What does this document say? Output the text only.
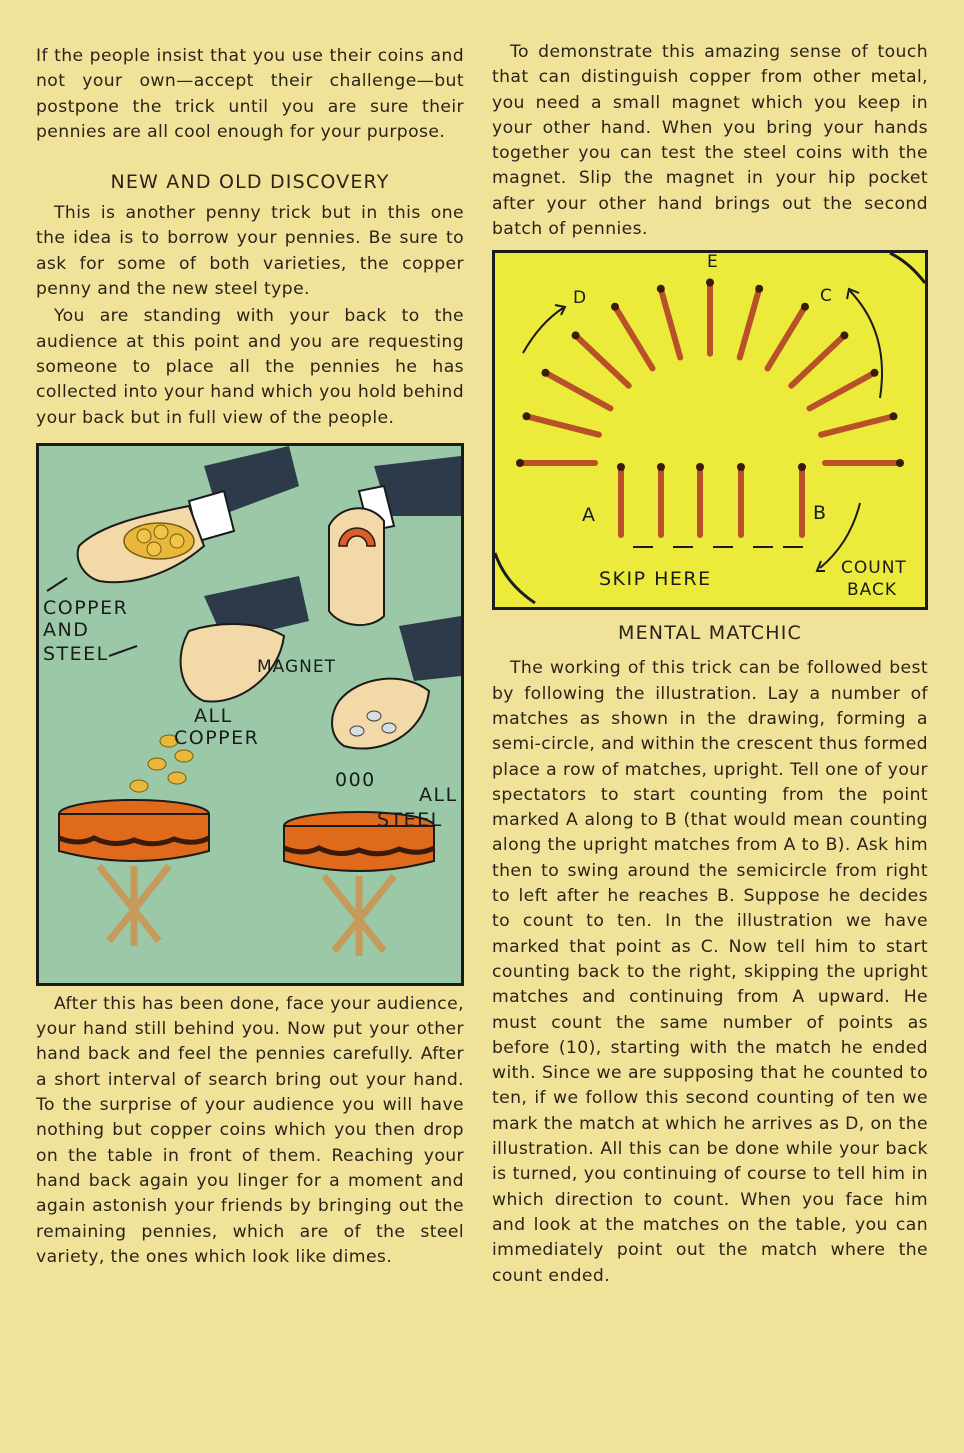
If the people insist that you use their coins and not your own—accept their challenge—but postpone the trick until you are sure their pennies are all cool enough for your purpose.

NEW AND OLD DISCOVERY

This is another penny trick but in this one the idea is to borrow your pennies. Be sure to ask for some of both varieties, the copper penny and the new steel type.

You are standing with your back to the audience at this point and you are requesting someone to place all the pennies he has collected into your hand which you hold behind your back but in full view of the people.

COPPER
AND
STEEL
MAGNET
ALL
COPPER
000
ALL
STEEL

After this has been done, face your audience, your hand still behind you. Now put your other hand back and feel the pennies carefully. After a short interval of search bring out your hand. To the surprise of your audience you will have nothing but copper coins which you then drop on the table in front of them. Reaching your hand back again you linger for a moment and again astonish your friends by bringing out the remaining pennies, which are of the steel variety, the ones which look like dimes.

To demonstrate this amazing sense of touch that can distinguish copper from other metal, you need a small magnet which you keep in your other hand. When you bring your hands together you can test the steel coins with the magnet. Slip the magnet in your hip pocket after your other hand brings out the second batch of pennies.

D
E
C
A	B
SKIP HERE	COUNT
BACK
MENTAL MATCHIC

The working of this trick can be followed best by following the illustration. Lay a number of matches as shown in the drawing, forming a semi-circle, and within the crescent thus formed place a row of matches, upright. Tell one of your spectators to start counting from the point marked A along to B (that would mean counting along the upright matches from A to B). Ask him then to swing around the semicircle from right to left after he reaches B. Suppose he decides to count to ten. In the illustration we have marked that point as C. Now tell him to start counting back to the right, skipping the upright matches and continuing from A upward. He must count the same number of points as before (10), starting with the match he ended with. Since we are supposing that he counted to ten, if we follow this second counting of ten we mark the match at which he arrives as D, on the illustration. All this can be done while your back is turned, you continuing of course to tell him in which direction to count. When you face him and look at the matches on the table, you can immediately point out the match where the count ended.
